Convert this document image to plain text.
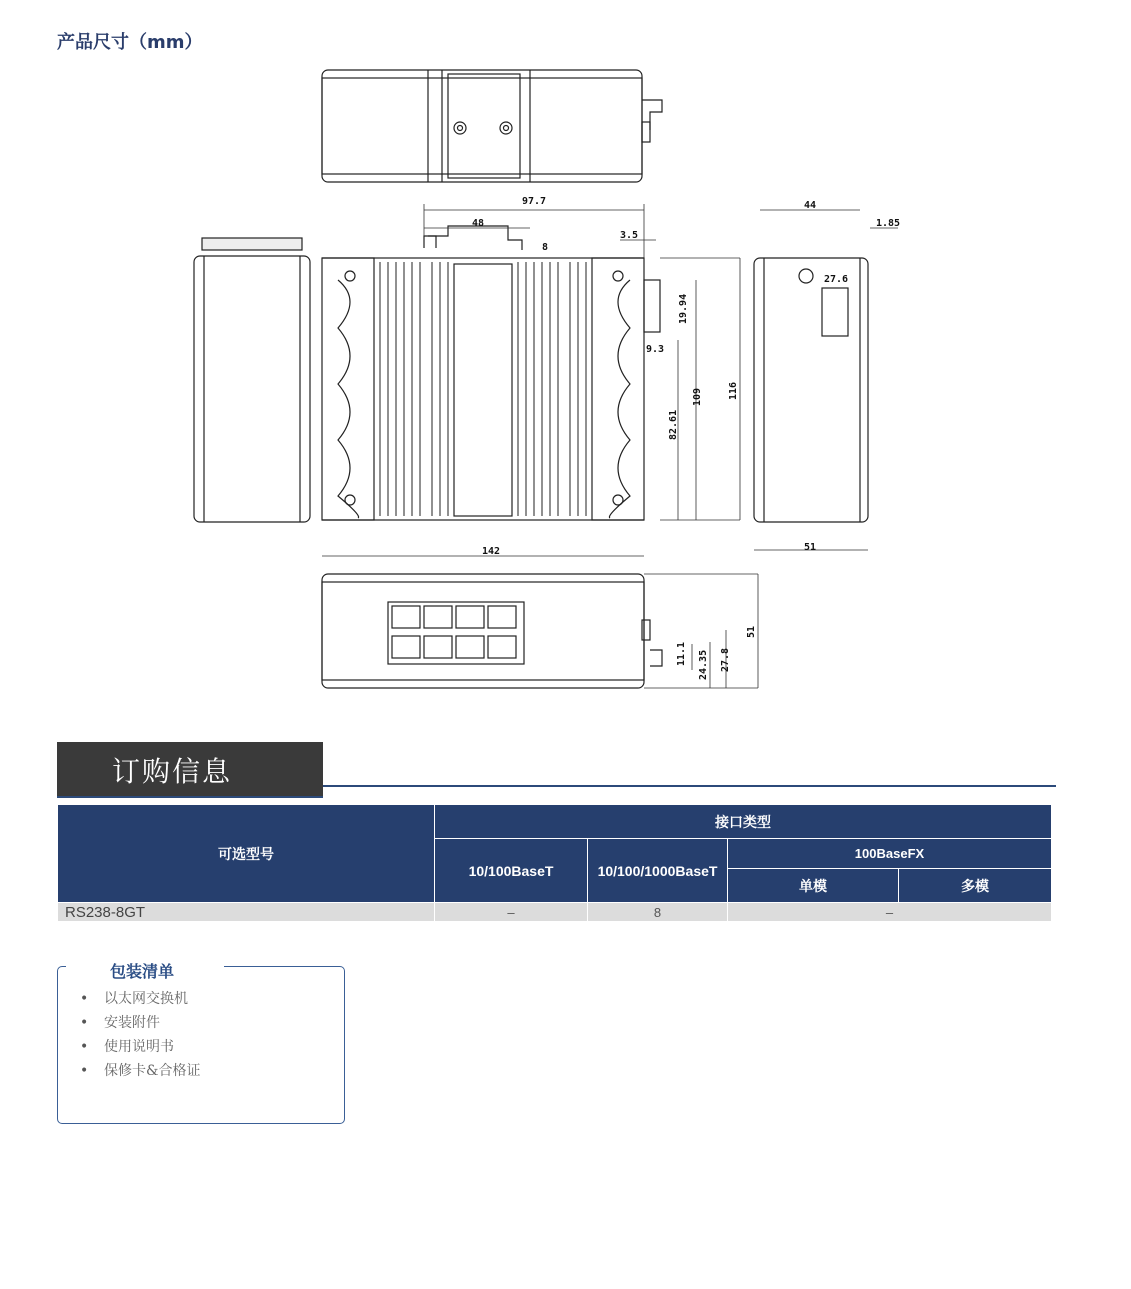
产品尺寸（mm）
97.7
48
8
3.5
44
1.85
9.3
142	51
27.6
19.94
116
109
82.61
51
11.1 24.35 27.8
订购信息
可选型号	接口类型			
	10/100BaseT	10/100/1000BaseT	100BaseFX	
			单模	多模
RS238-8GT	–	8	–	
包装清单
• 以太网交换机
• 安装附件
• 使用说明书
• 保修卡&合格证
